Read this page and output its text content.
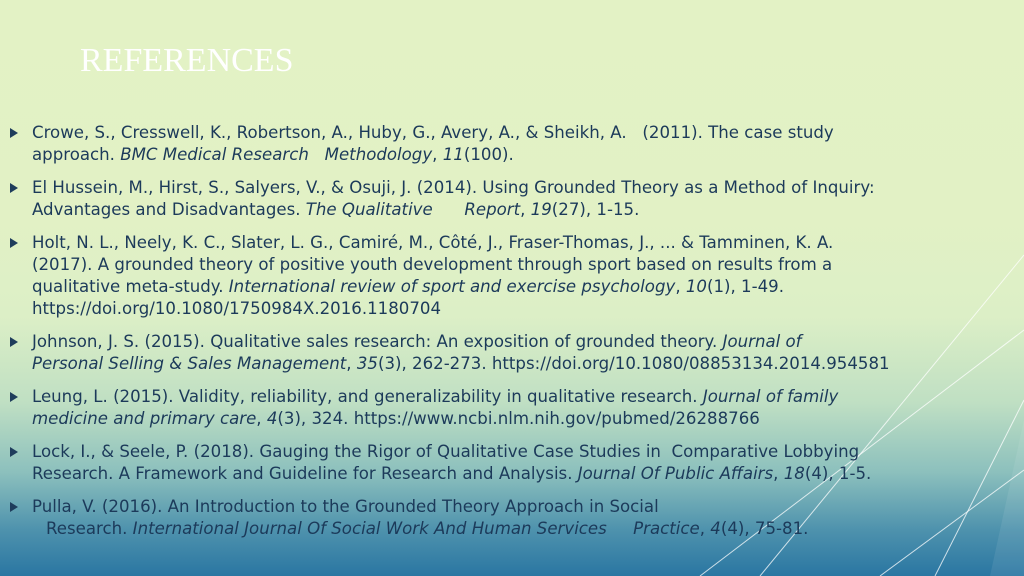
REFERENCES
Crowe, S., Cresswell, K., Robertson, A., Huby, G., Avery, A., & Sheikh, A.   (2011). The case study
approach. BMC Medical Research   Methodology, 11(100).
El Hussein, M., Hirst, S., Salyers, V., & Osuji, J. (2014). Using Grounded Theory as a Method of Inquiry:
Advantages and Disadvantages. The Qualitative      Report, 19(27), 1-15.
Holt, N. L., Neely, K. C., Slater, L. G., Camiré, M., Côté, J., Fraser-Thomas, J., ... & Tamminen, K. A.
(2017). A grounded theory of positive youth development through sport based on results from a
qualitative meta-study. International review of sport and exercise psychology, 10(1), 1-49.
https://doi.org/10.1080/1750984X.2016.1180704
Johnson, J. S. (2015). Qualitative sales research: An exposition of grounded theory. Journal of
Personal Selling & Sales Management, 35(3), 262-273. https://doi.org/10.1080/08853134.2014.954581
Leung, L. (2015). Validity, reliability, and generalizability in qualitative research. Journal of family
medicine and primary care, 4(3), 324. https://www.ncbi.nlm.nih.gov/pubmed/26288766
Lock, I., & Seele, P. (2018). Gauging the Rigor of Qualitative Case Studies in  Comparative Lobbying
Research. A Framework and Guideline for Research and Analysis. Journal Of Public Affairs, 18(4), 1-5.
Pulla, V. (2016). An Introduction to the Grounded Theory Approach in Social
Research. International Journal Of Social Work And Human Services     Practice, 4(4), 75-81.
